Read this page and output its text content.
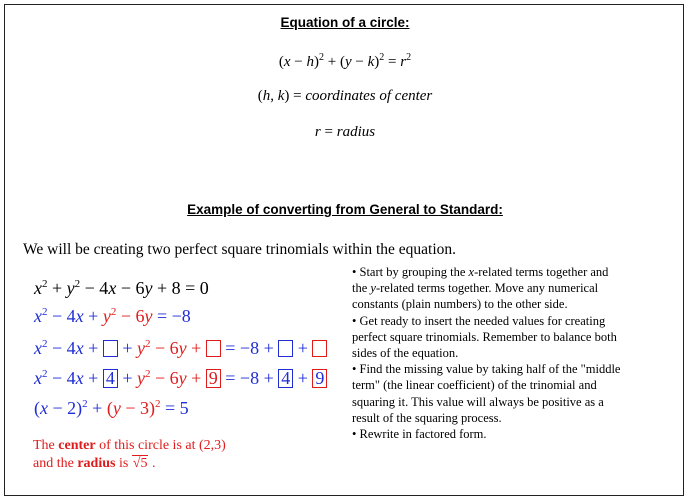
Equation of a circle:
$(x - h)^2 + (y - k)^2 = r^2$
(h, k) = coordinates of center
r = radius
Example of converting from General to Standard:
We will be creating two perfect square trinomials within the equation.
$x^2 + y^2 - 4x - 6y + 8 = 0$
$x^2 - 4x + y^2 - 6y = -8$
$x^2 - 4x$ +  + $y^2 - 6y$ +  = −8 +  +
$x^2 - 4x + 4 + y^2 - 6y + 9 = -8 + 4 + 9$
$(x - 2)^2 + (y - 3)^2 = 5$
The center of this circle is at (2,3)
and the radius is √5 .

• Start by grouping the x-related terms together and the y-related terms together. Move any numerical constants (plain numbers) to the other side.

• Get ready to insert the needed values for creating perfect square trinomials. Remember to balance both sides of the equation.

• Find the missing value by taking half of the "middle term" (the linear coefficient) of the trinomial and squaring it. This value will always be positive as a result of the squaring process.

• Rewrite in factored form.
